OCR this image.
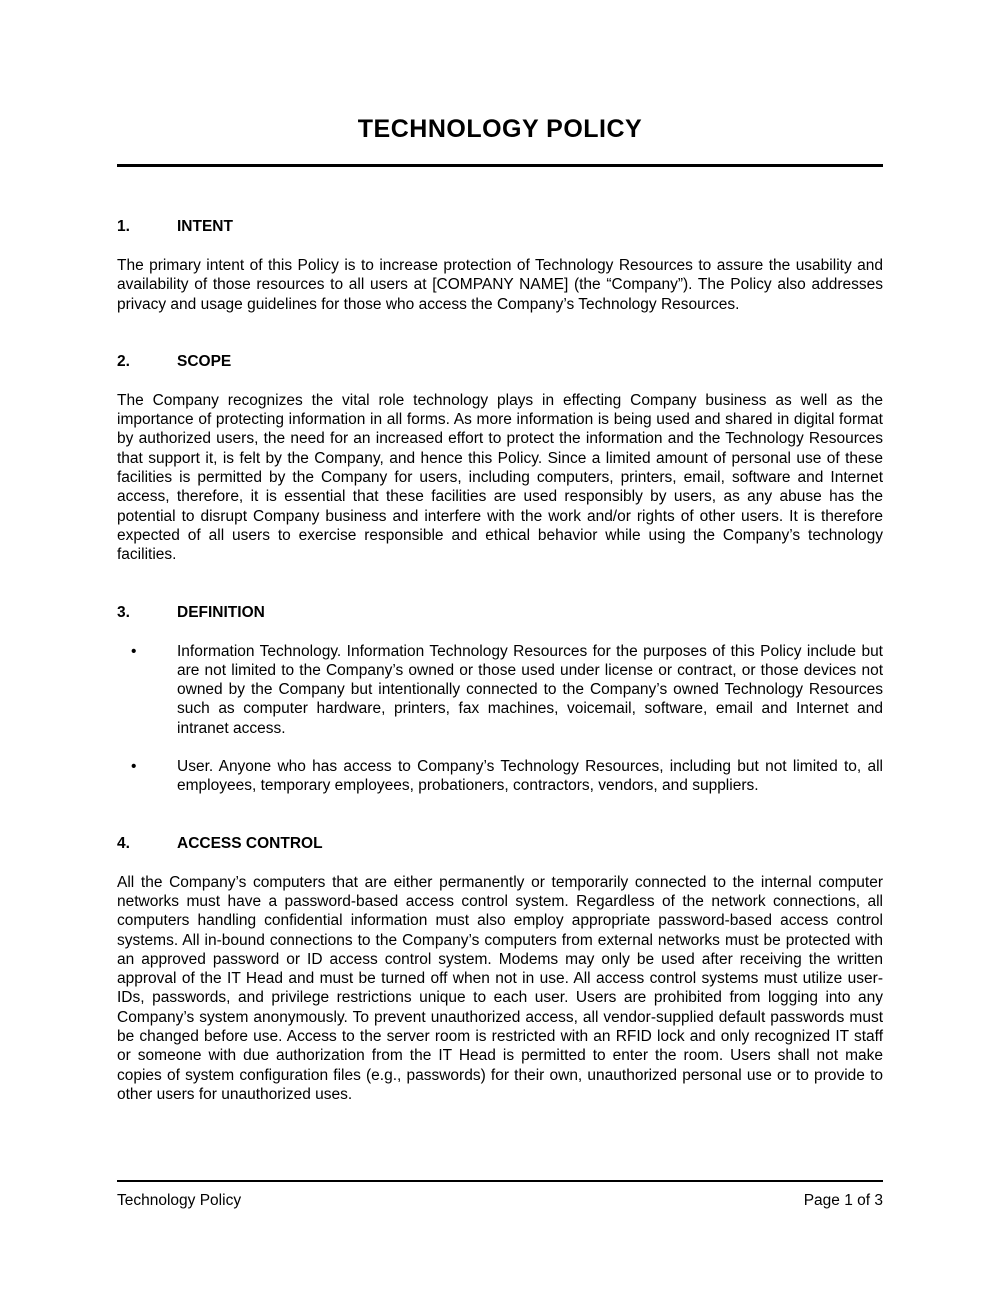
TECHNOLOGY POLICY
1.	INTENT

The primary intent of this Policy is to increase protection of Technology Resources to assure the usability and availability of those resources to all users at [COMPANY NAME] (the “Company”). The Policy also addresses privacy and usage guidelines for those who access the Company’s Technology Resources.

2.	SCOPE

The Company recognizes the vital role technology plays in effecting Company business as well as the importance of protecting information in all forms. As more information is being used and shared in digital format by authorized users, the need for an increased effort to protect the information and the Technology Resources that support it, is felt by the Company, and hence this Policy. Since a limited amount of personal use of these facilities is permitted by the Company for users, including computers, printers, email, software and Internet access, therefore, it is essential that these facilities are used responsibly by users, as any abuse has the potential to disrupt Company business and interfere with the work and/or rights of other users. It is therefore expected of all users to exercise responsible and ethical behavior while using the Company’s technology facilities.

3.	DEFINITION
• Information Technology. Information Technology Resources for the purposes of this Policy include but are not limited to the Company’s owned or those used under license or contract, or those devices not owned by the Company but intentionally connected to the Company’s owned Technology Resources such as computer hardware, printers, fax machines, voicemail, software, email and Internet and intranet access.
• User. Anyone who has access to Company’s Technology Resources, including but not limited to, all employees, temporary employees, probationers, contractors, vendors, and suppliers.
4.	ACCESS CONTROL

All the Company’s computers that are either permanently or temporarily connected to the internal computer networks must have a password-based access control system. Regardless of the network connections, all computers handling confidential information must also employ appropriate password-based access control systems. All in-bound connections to the Company’s computers from external networks must be protected with an approved password or ID access control system. Modems may only be used after receiving the written approval of the IT Head and must be turned off when not in use. All access control systems must utilize user-IDs, passwords, and privilege restrictions unique to each user. Users are prohibited from logging into any Company’s system anonymously. To prevent unauthorized access, all vendor-supplied default passwords must be changed before use. Access to the server room is restricted with an RFID lock and only recognized IT staff or someone with due authorization from the IT Head is permitted to enter the room. Users shall not make copies of system configuration files (e.g., passwords) for their own, unauthorized personal use or to provide to other users for unauthorized uses.

Technology Policy	Page 1 of 3
